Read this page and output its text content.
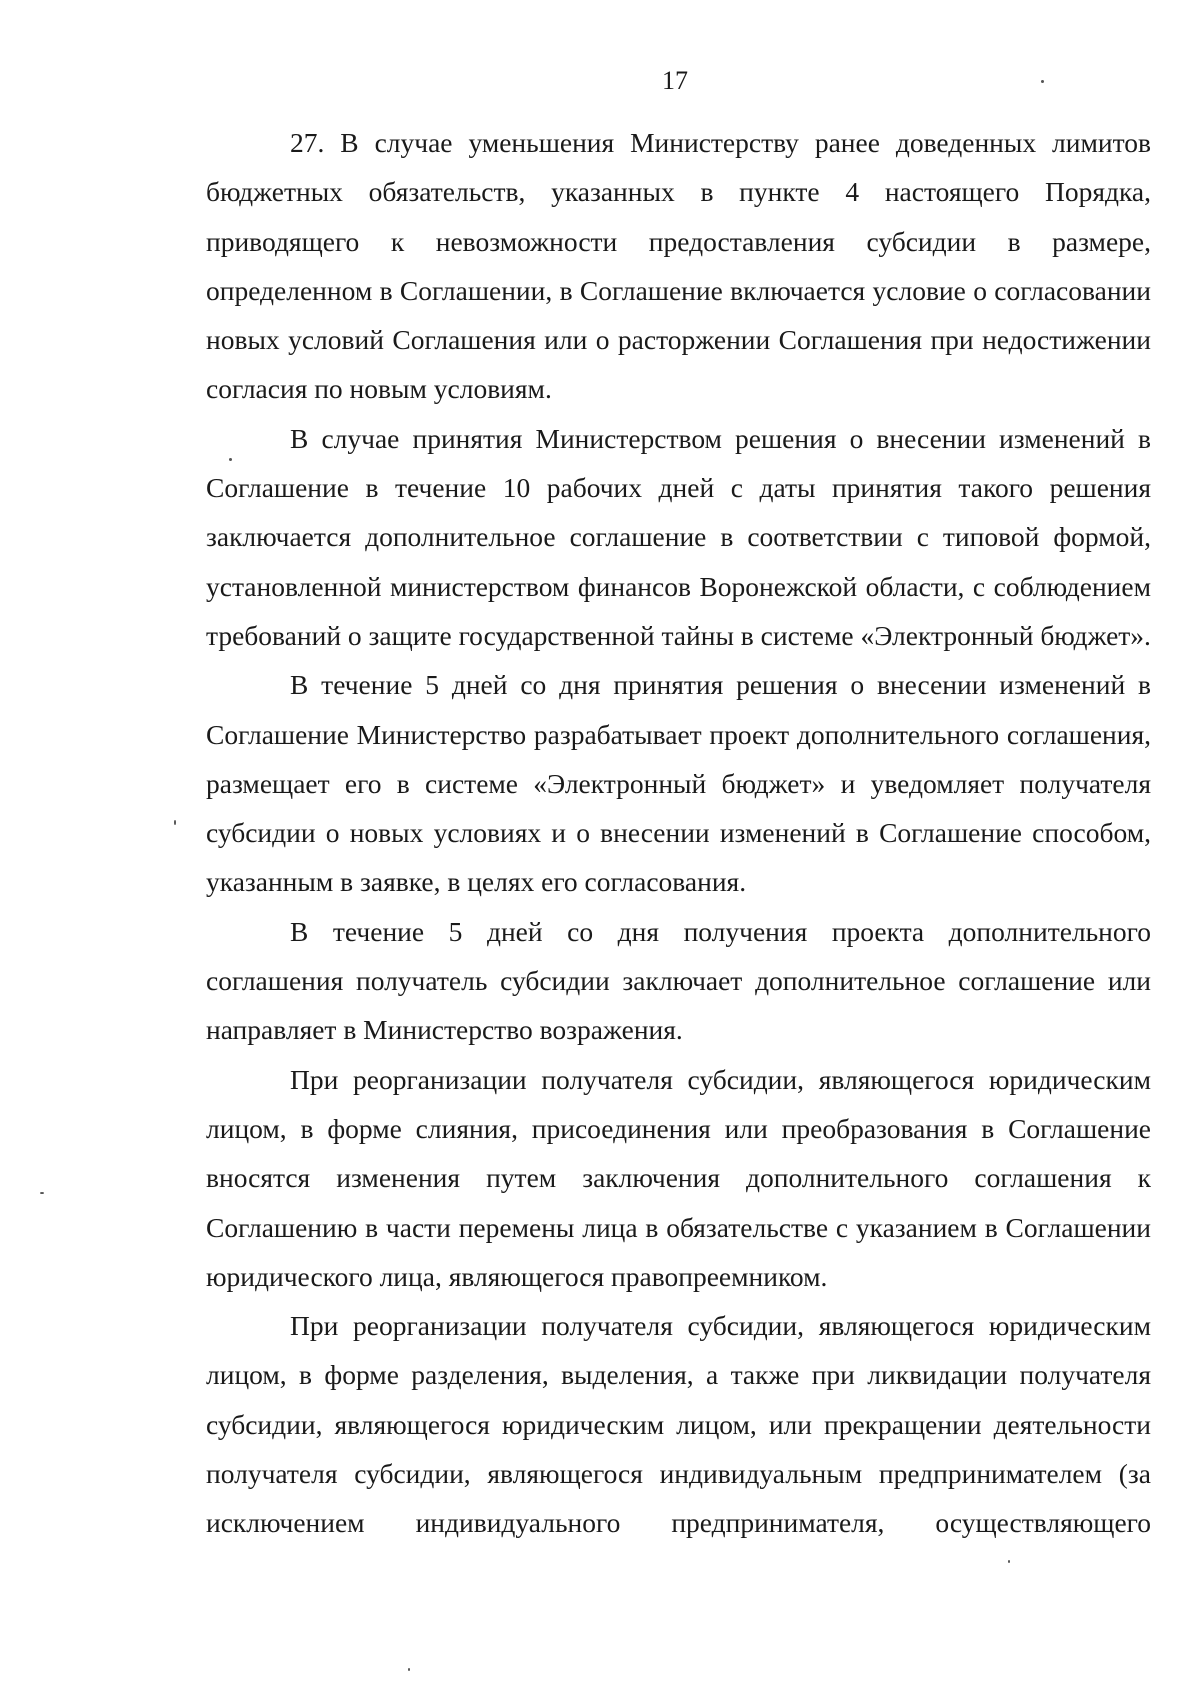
17

27. В случае уменьшения Министерству ранее доведенных лимитов бюджетных обязательств, указанных в пункте 4 настоящего Порядка, приводящего к невозможности предоставления субсидии в размере, определенном в Соглашении, в Соглашение включается условие о согласовании новых условий Соглашения или о расторжении Соглашения при недостижении согласия по новым условиям.

В случае принятия Министерством решения о внесении изменений в Соглашение в течение 10 рабочих дней с даты принятия такого решения заключается дополнительное соглашение в соответствии с типовой формой, установленной министерством финансов Воронежской области, с соблюдением требований о защите государственной тайны в системе «Электронный бюджет».

В течение 5 дней со дня принятия решения о внесении изменений в Соглашение Министерство разрабатывает проект дополнительного соглашения, размещает его в системе «Электронный бюджет» и уведомляет получателя субсидии о новых условиях и о внесении изменений в Соглашение способом, указанным в заявке, в целях его согласования.

В течение 5 дней со дня получения проекта дополнительного соглашения получатель субсидии заключает дополнительное соглашение или направляет в Министерство возражения.

При реорганизации получателя субсидии, являющегося юридическим лицом, в форме слияния, присоединения или преобразования в Соглашение вносятся изменения путем заключения дополнительного соглашения к Соглашению в части перемены лица в обязательстве с указанием в Соглашении юридического лица, являющегося правопреемником.

При реорганизации получателя субсидии, являющегося юридическим лицом, в форме разделения, выделения, а также при ликвидации получателя субсидии, являющегося юридическим лицом, или прекращении деятельности получателя субсидии, являющегося индивидуальным предпринимателем (за исключением индивидуального предпринимателя, осуществляющего
